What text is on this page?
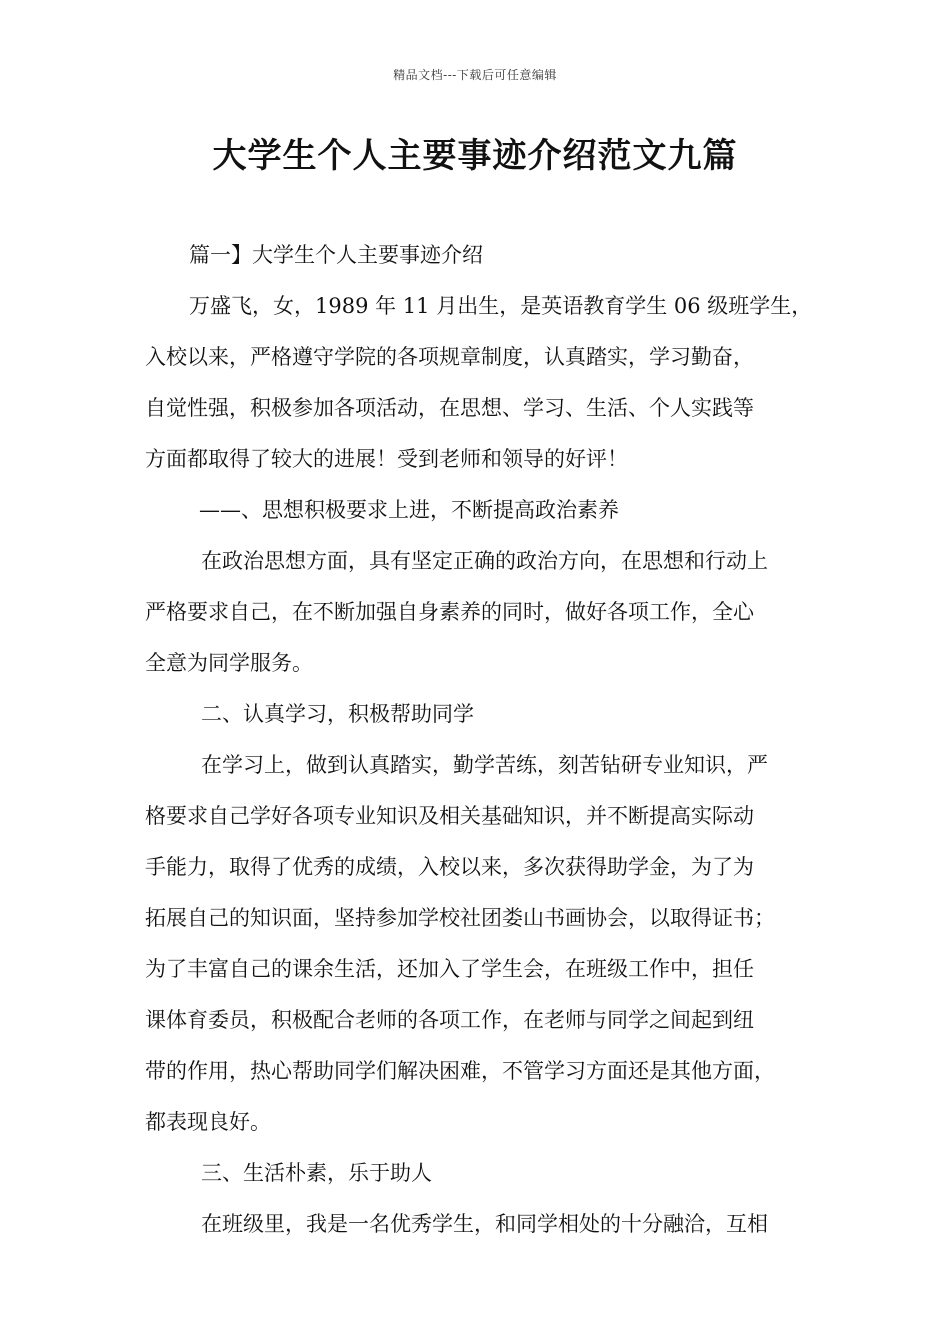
精品文档---下载后可任意编辑
大学生个人主要事迹介绍范文九篇
篇一】大学生个人主要事迹介绍
万盛飞，女，1989 年 11 月出生，是英语教育学生 06 级班学生，
入校以来，严格遵守学院的各项规章制度，认真踏实，学习勤奋，
自觉性强，积极参加各项活动，在思想、学习、生活、个人实践等
方面都取得了较大的进展！受到老师和领导的好评！
——、思想积极要求上进，不断提高政治素养
在政治思想方面，具有坚定正确的政治方向，在思想和行动上
严格要求自己，在不断加强自身素养的同时，做好各项工作，全心
全意为同学服务。
二、认真学习，积极帮助同学
在学习上，做到认真踏实，勤学苦练，刻苦钻研专业知识，严
格要求自己学好各项专业知识及相关基础知识，并不断提高实际动
手能力，取得了优秀的成绩，入校以来，多次获得助学金，为了为
拓展自己的知识面，坚持参加学校社团娄山书画协会，以取得证书；
为了丰富自己的课余生活，还加入了学生会，在班级工作中，担任
课体育委员，积极配合老师的各项工作，在老师与同学之间起到纽
带的作用，热心帮助同学们解决困难，不管学习方面还是其他方面，
都表现良好。
三、生活朴素，乐于助人
在班级里，我是一名优秀学生，和同学相处的十分融洽，互相
